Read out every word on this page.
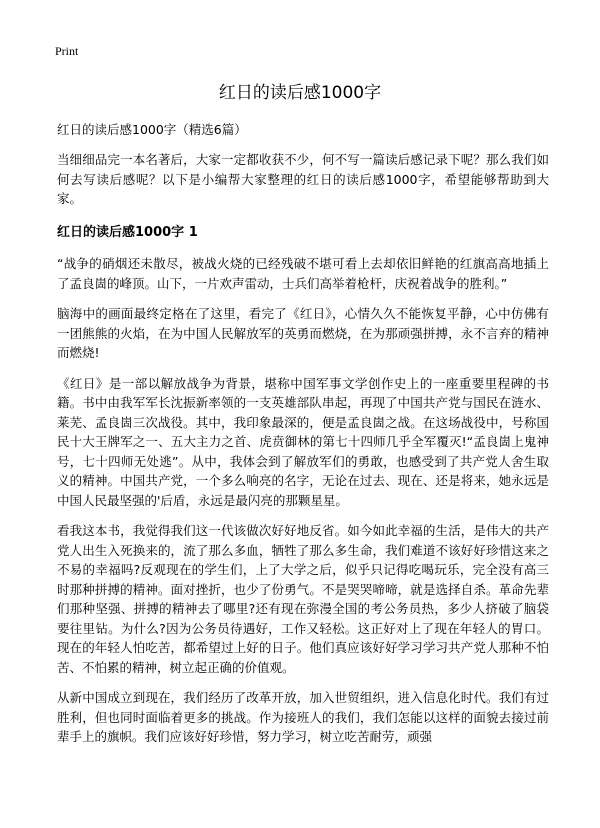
Print
红日的读后感1000字
红日的读后感1000字（精选6篇）

当细细品完一本名著后，大家一定都收获不少，何不写一篇读后感记录下呢？那么我们如何去写读后感呢？以下是小编帮大家整理的红日的读后感1000字，希望能够帮助到大家。

红日的读后感1000字 1

“战争的硝烟还未散尽，被战火烧的已经残破不堪可看上去却依旧鲜艳的红旗高高地插上了孟良崮的峰顶。山下，一片欢声雷动，士兵们高举着枪杆，庆祝着战争的胜利。”

脑海中的画面最终定格在了这里，看完了《红日》，心情久久不能恢复平静，心中仿佛有一团熊熊的火焰，在为中国人民解放军的英勇而燃烧，在为那顽强拼搏，永不言弃的精神而燃烧!

《红日》是一部以解放战争为背景，堪称中国军事文学创作史上的一座重要里程碑的书籍。书中由我军军长沈振新率领的一支英雄部队串起，再现了中国共产党与国民在涟水、莱芜、孟良崮三次战役。其中，我印象最深的，便是孟良崮之战。在这场战役中，号称国民十大王牌军之一、五大主力之首、虎贲御林的第七十四师几乎全军覆灭!“孟良崮上鬼神号，七十四师无处逃”。从中，我体会到了解放军们的勇敢，也感受到了共产党人舍生取义的精神。中国共产党，一个多么响亮的名字，无论在过去、现在、还是将来，她永远是中国人民最坚强的'后盾，永远是最闪亮的那颗星星。

看我这本书，我觉得我们这一代该做次好好地反省。如今如此幸福的生活，是伟大的共产党人出生入死换来的，流了那么多血，牺牲了那么多生命，我们难道不该好好珍惜这来之不易的幸福吗?反观现在的学生们，上了大学之后，似乎只记得吃喝玩乐，完全没有高三时那种拼搏的精神。面对挫折，也少了份勇气。不是哭哭啼啼，就是选择自杀。革命先辈们那种坚强、拼搏的精神去了哪里?还有现在弥漫全国的考公务员热，多少人挤破了脑袋要往里钻。为什么?因为公务员待遇好，工作又轻松。这正好对上了现在年轻人的胃口。现在的年轻人怕吃苦，都希望过上好的日子。他们真应该好好学习学习共产党人那种不怕苦、不怕累的精神，树立起正确的价值观。

从新中国成立到现在，我们经历了改革开放，加入世贸组织，进入信息化时代。我们有过胜利，但也同时面临着更多的挑战。作为接班人的我们，我们怎能以这样的面貌去接过前辈手上的旗帜。我们应该好好珍惜，努力学习，树立吃苦耐劳，顽强
